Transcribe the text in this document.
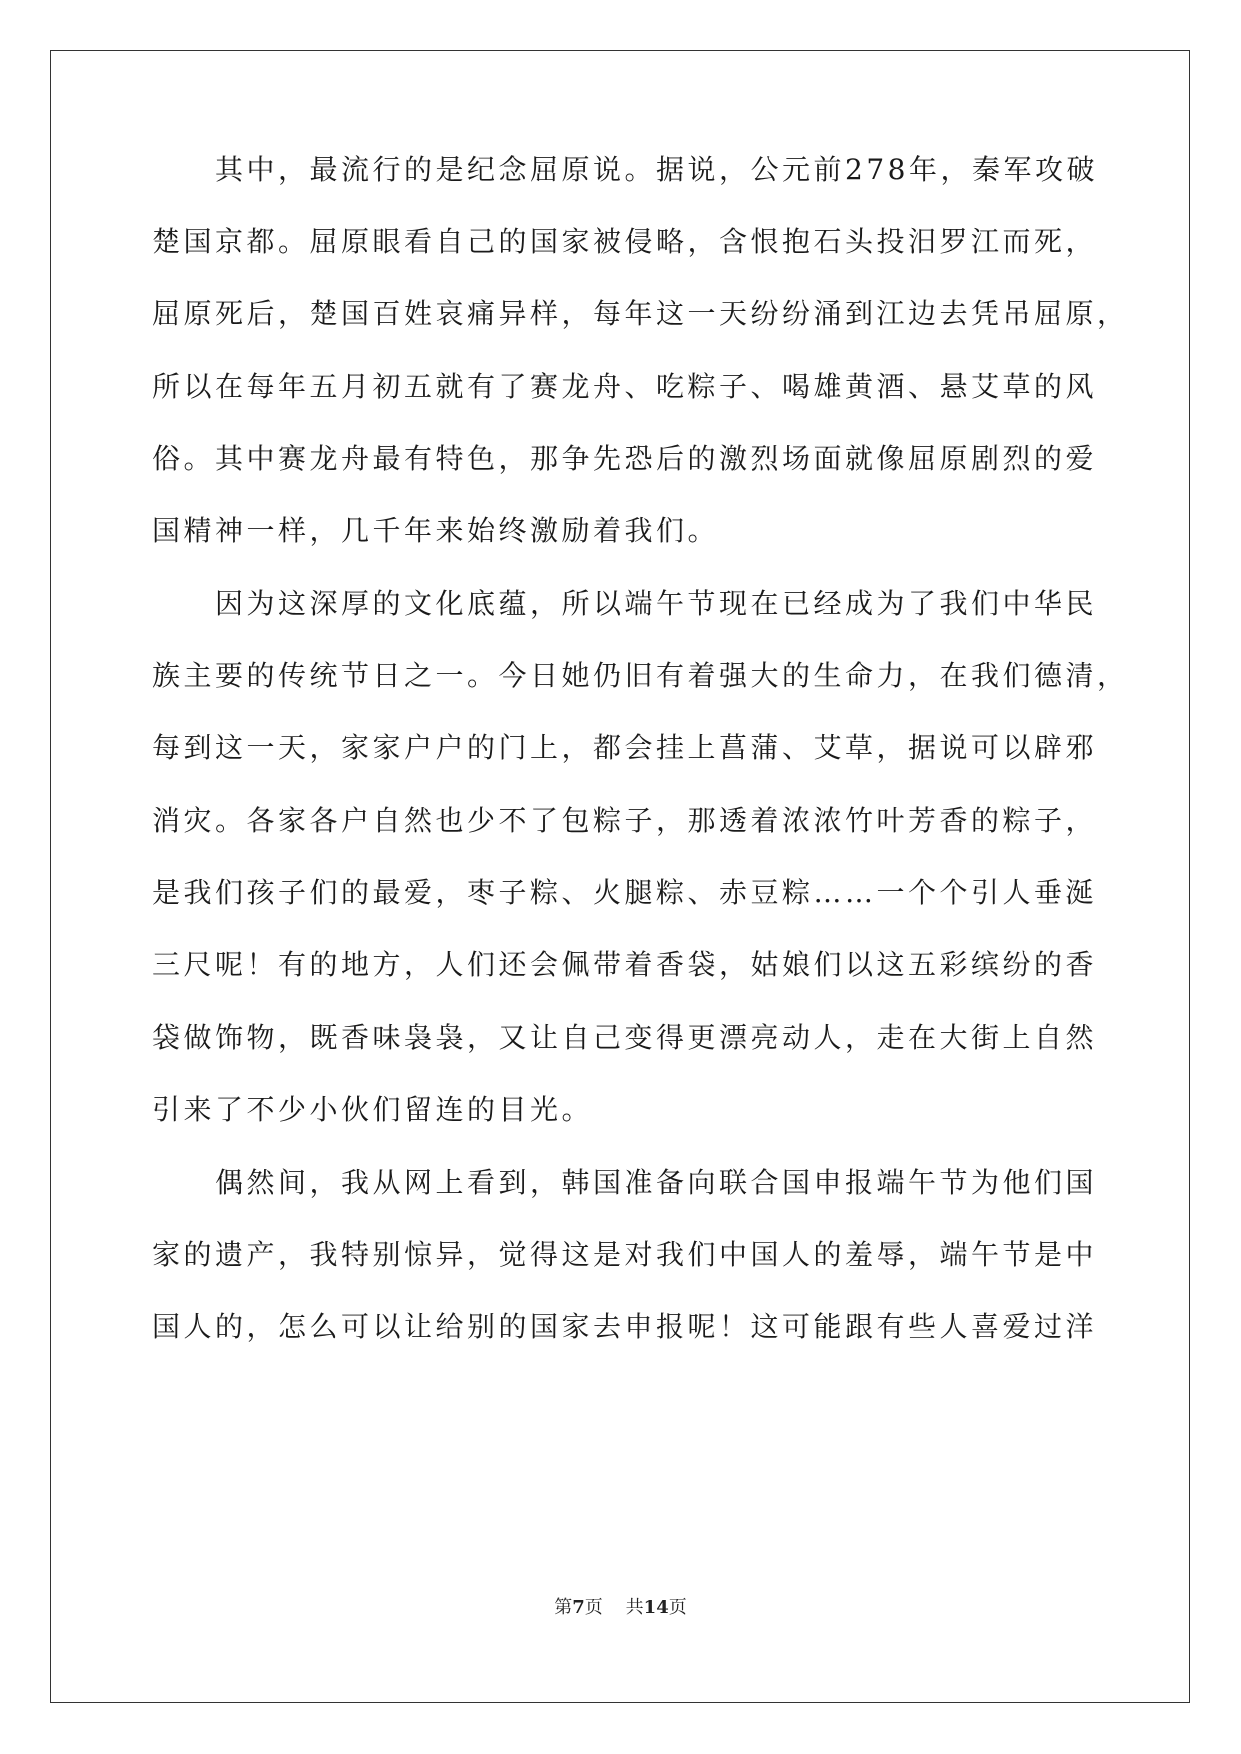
其中，最流行的是纪念屈原说。据说，公元前278年，秦军攻破
楚国京都。屈原眼看自己的国家被侵略，含恨抱石头投汨罗江而死，
屈原死后，楚国百姓哀痛异样，每年这一天纷纷涌到江边去凭吊屈原，
所以在每年五月初五就有了赛龙舟、吃粽子、喝雄黄酒、悬艾草的风
俗。其中赛龙舟最有特色，那争先恐后的激烈场面就像屈原剧烈的爱
国精神一样，几千年来始终激励着我们。
因为这深厚的文化底蕴，所以端午节现在已经成为了我们中华民
族主要的传统节日之一。今日她仍旧有着强大的生命力，在我们德清，
每到这一天，家家户户的门上，都会挂上菖蒲、艾草，据说可以辟邪
消灾。各家各户自然也少不了包粽子，那透着浓浓竹叶芳香的粽子，
是我们孩子们的最爱，枣子粽、火腿粽、赤豆粽……一个个引人垂涎
三尺呢！有的地方，人们还会佩带着香袋，姑娘们以这五彩缤纷的香
袋做饰物，既香味袅袅，又让自己变得更漂亮动人，走在大街上自然
引来了不少小伙们留连的目光。
偶然间，我从网上看到，韩国准备向联合国申报端午节为他们国
家的遗产，我特别惊异，觉得这是对我们中国人的羞辱，端午节是中
国人的，怎么可以让给别的国家去申报呢！这可能跟有些人喜爱过洋
第7页 共14页
